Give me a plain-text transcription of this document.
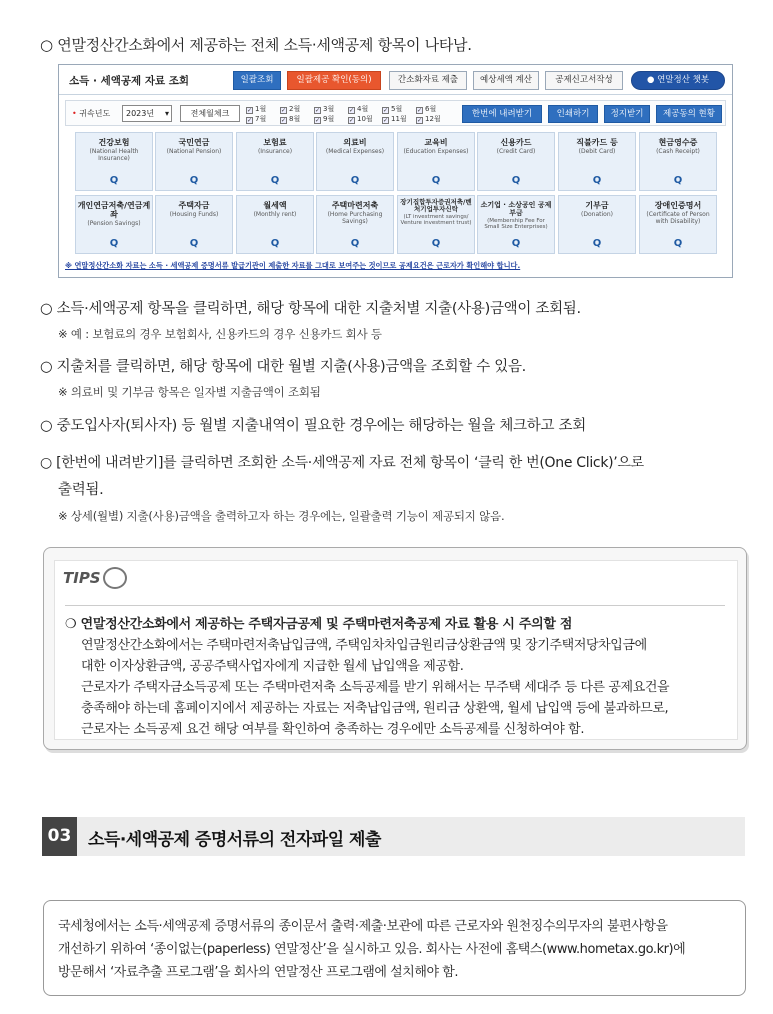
○ 연말정산간소화에서 제공하는 전체 소득·세액공제 항목이 나타남.
소득 · 세액공제 자료 조회	일괄조회	일괄제공 확인(동의)	간소화자료 제출	예상세액 계산	공제신고서작성	● 연말정산 챗봇
• 귀속년도	2023년 ▾	전체월체크	✓ 1월 ✓ 2월 ✓ 3월 ✓ 4월 ✓ 5월 ✓ 6월
✓ 7월 ✓ 8월 ✓ 9월 ✓ 10월 ✓ 11월 ✓ 12월	한번에 내려받기	인쇄하기	정지받기	제공동의 현황
건강보험
(National Health Insurance)
Q
국민연금
(National Pension)
Q
보험료
(Insurance)
Q
의료비
(Medical Expenses)
Q
교육비
(Education Expenses)
Q
신용카드
(Credit Card)
Q
직불카드 등
(Debit Card)
Q
현금영수증
(Cash Receipt)
Q
개인연금저축/연금계좌
(Pension Savings)
Q
주택자금
(Housing Funds)
Q
월세액
(Monthly rent)
Q
주택마련저축
(Home Purchasing Savings)
Q
장기집합투자증권저축/벤처기업투자신탁
(LT investment savings/ Venture investment trust)
Q
소기업 · 소상공인 공제부금
(Membership Fee For Small Size Enterprises)
Q
기부금
(Donation)
Q
장애인증명서
(Certificate of Person with Disability)
Q
※ 연말정산간소화 자료는 소득 · 세액공제 증명서류 발급기관이 제출한 자료를 그대로 보여주는 것이므로 공제요건은 근로자가 확인해야 합니다.
○ 소득·세액공제 항목을 클릭하면, 해당 항목에 대한 지출처별 지출(사용)금액이 조회됨.
※ 예 : 보험료의 경우 보험회사, 신용카드의 경우 신용카드 회사 등
○ 지출처를 클릭하면, 해당 항목에 대한 월별 지출(사용)금액을 조회할 수 있음.
※ 의료비 및 기부금 항목은 일자별 지출금액이 조회됨
○ 중도입사자(퇴사자) 등 월별 지출내역이 필요한 경우에는 해당하는 월을 체크하고 조회
○ [한번에 내려받기]를 클릭하면 조회한 소득·세액공제 자료 전체 항목이 ‘클릭 한 번(One Click)’으로
출력됨.
※ 상세(월별) 지출(사용)금액을 출력하고자 하는 경우에는, 일괄출력 기능이 제공되지 않음.
TIPS
❍ 연말정산간소화에서 제공하는 주택자금공제 및 주택마련저축공제 자료 활용 시 주의할 점
연말정산간소화에서는 주택마련저축납입금액, 주택임차차입금원리금상환금액 및 장기주택저당차입금에
대한 이자상환금액, 공공주택사업자에게 지급한 월세 납입액을 제공함.
근로자가 주택자금소득공제 또는 주택마련저축 소득공제를 받기 위해서는 무주택 세대주 등 다른 공제요건을
충족해야 하는데 홈페이지에서 제공하는 자료는 저축납입금액, 원리금 상환액, 월세 납입액 등에 불과하므로,
근로자는 소득공제 요건 해당 여부를 확인하여 충족하는 경우에만 소득공제를 신청하여야 함.
03 소득·세액공제 증명서류의 전자파일 제출
국세청에서는 소득·세액공제 증명서류의 종이문서 출력·제출·보관에 따른 근로자와 원천징수의무자의 불편사항을
개선하기 위하여 ‘종이없는(paperless) 연말정산’을 실시하고 있음. 회사는 사전에 홈택스(www.hometax.go.kr)에
방문해서 ‘자료추출 프로그램’을 회사의 연말정산 프로그램에 설치해야 함.
